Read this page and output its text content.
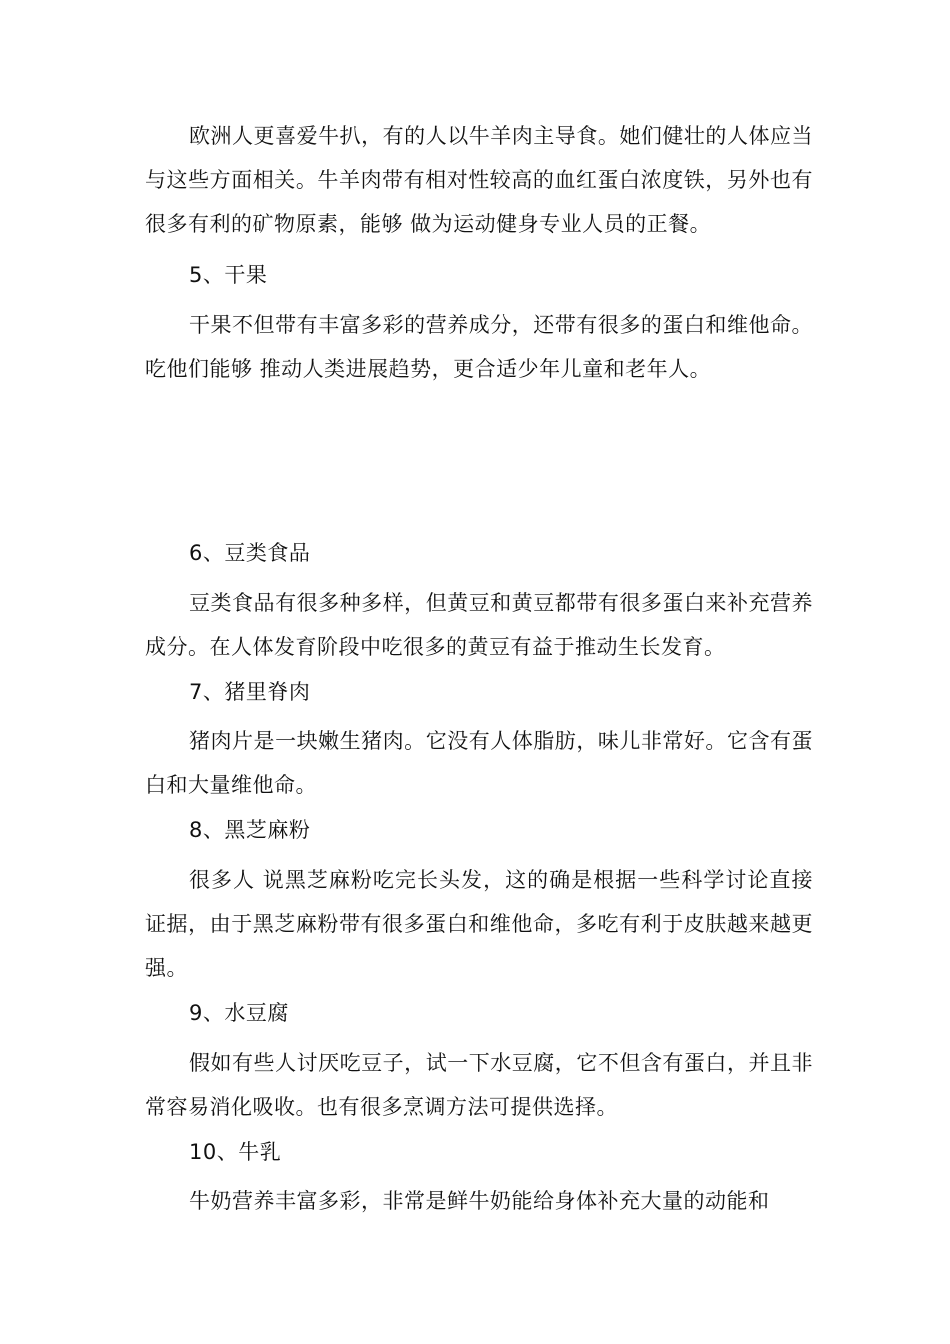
欧洲人更喜爱牛扒，有的人以牛羊肉主导食。她们健壮的人体应当与这些方面相关。牛羊肉带有相对性较高的血红蛋白浓度铁，另外也有很多有利的矿物原素，能够 做为运动健身专业人员的正餐。

5、干果

干果不但带有丰富多彩的营养成分，还带有很多的蛋白和维他命。吃他们能够 推动人类进展趋势，更合适少年儿童和老年人。

6、豆类食品

豆类食品有很多种多样，但黄豆和黄豆都带有很多蛋白来补充营养成分。在人体发育阶段中吃很多的黄豆有益于推动生长发育。

7、猪里脊肉

猪肉片是一块嫩生猪肉。它没有人体脂肪，味儿非常好。它含有蛋白和大量维他命。

8、黑芝麻粉

很多人 说黑芝麻粉吃完长头发，这的确是根据一些科学讨论直接证据，由于黑芝麻粉带有很多蛋白和维他命，多吃有利于皮肤越来越更强。

9、水豆腐

假如有些人讨厌吃豆子，试一下水豆腐，它不但含有蛋白，并且非常容易消化吸收。也有很多烹调方法可提供选择。

10、牛乳

牛奶营养丰富多彩，非常是鲜牛奶能给身体补充大量的动能和
